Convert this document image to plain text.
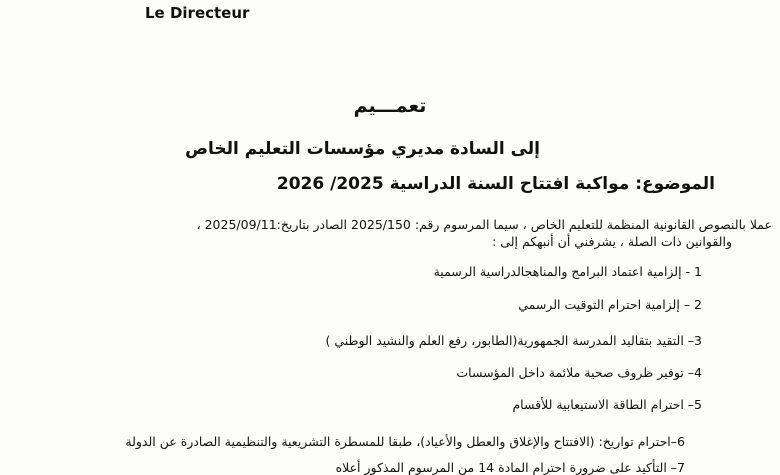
Le Directeur
تعمـــيم
إلى السادة مديري مؤسسات التعليم الخاص
الموضوع: مواكبة افتتاح السنة الدراسية 2025/ 2026
عملا بالنصوص القانونية المنظمة للتعليم الخاص ، سيما المرسوم رقم: 2025/150 الصادر بتاريخ:2025/09/11 ،
والقوانين ذات الصلة ، يشرفني أن أنبهكم إلى :
1 - إلزامية اعتماد البرامج والمناهجالدراسية الرسمية
2 – إلزامية احترام التوقيت الرسمي
3– التقيد بتقاليد المدرسة الجمهورية(الطابور، رفع العلم والنشيد الوطني )
4– توفير ظروف صحية ملائمة داخل المؤسسات
5– احترام الطاقة الاستيعابية للأقسام
6–احترام تواريخ: (الافتتاح والإغلاق والعطل والأعياد)، طبقا للمسطرة التشريعية والتنظيمية الصادرة عن الدولة
7– التأكيد على ضرورة احترام المادة 14 من المرسوم المذكور أعلاه
